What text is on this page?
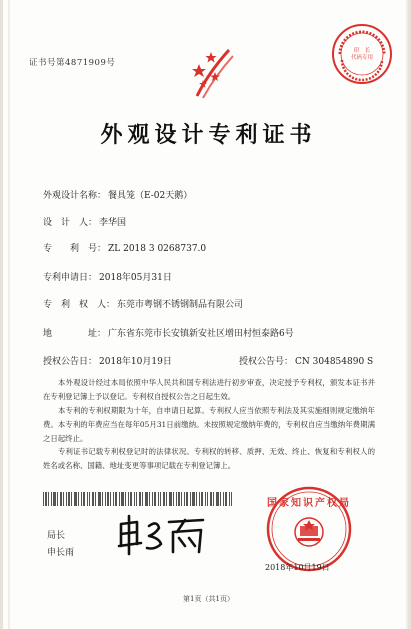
证书号第4871909号
印　长
代码专用
外观设计专利证书
外观设计名称： 餐具笼（E-02天鹅）
设　计　人： 李华国
专　　利　号： ZL 2018 3 0268737.0
专利申请日： 2018年05月31日
专　利　权　人： 东莞市粤钢不锈钢制品有限公司
地　　　　址： 广东省东莞市长安镇新安社区增田村恒泰路6号
授权公告日： 2018年10月19日	授权公告号： CN 304854890 S
本外观设计经过本局依照中华人民共和国专利法进行初步审查，决定授予专利权，颁发本证书并在专利登记簿上予以登记。专利权自授权公告之日起生效。
本专利的专利权期限为十年，自申请日起算。专利权人应当依照专利法及其实施细则规定缴纳年费。本专利的年费应当在每年05月31日前缴纳。未按照规定缴纳年费的，专利权自应当缴纳年费期满之日起终止。
专利证书记载专利权登记时的法律状况。专利权的转移、质押、无效、终止、恢复和专利权人的姓名或名称、国籍、地址变更等事项记载在专利登记簿上。
局长
申长雨
国家知识产权局
2018年10月19日
第1页（共1页）
